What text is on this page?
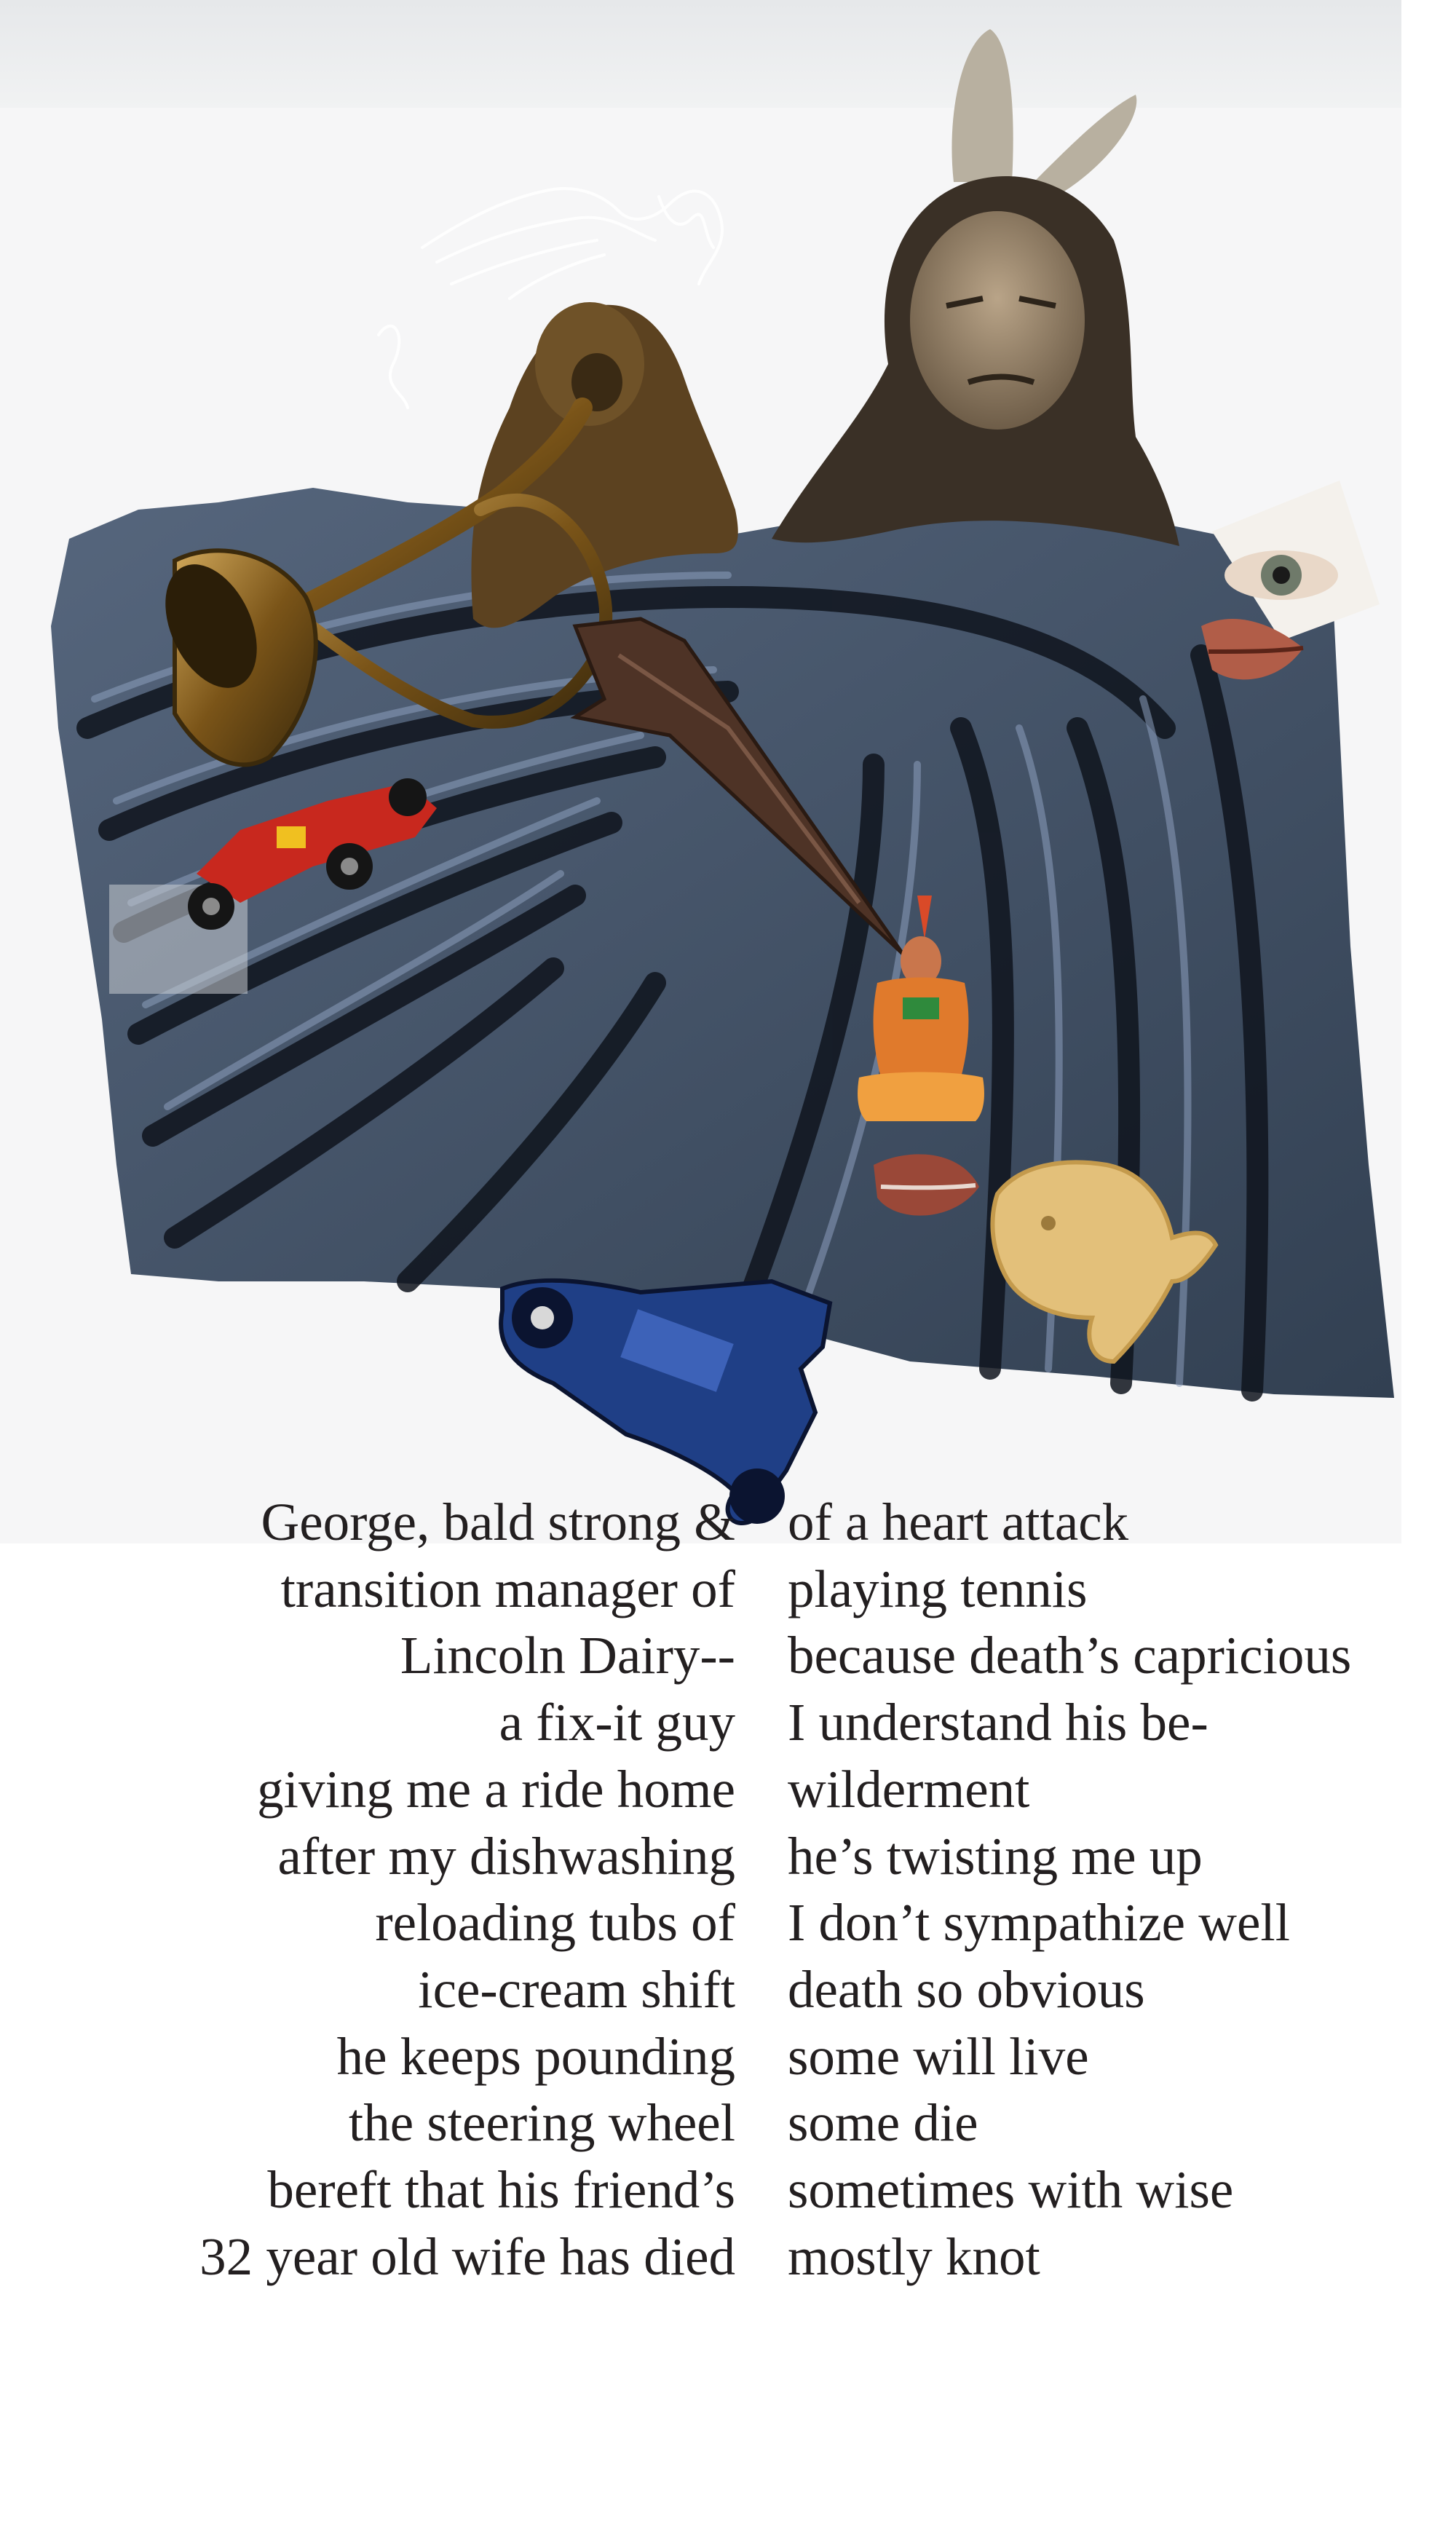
George, bald strong &
transition manager of
Lincoln Dairy--
a fix-it guy
giving me a ride home
after my dishwashing
reloading tubs of
ice-cream shift
he keeps pounding
the steering wheel
bereft that his friend’s
32 year old wife has died
of a heart attack
playing tennis
because death’s capricious
I understand his be-
wilderment
he’s twisting me up
I don’t sympathize well
death so obvious
some will live
some die
sometimes with wise
mostly knot
